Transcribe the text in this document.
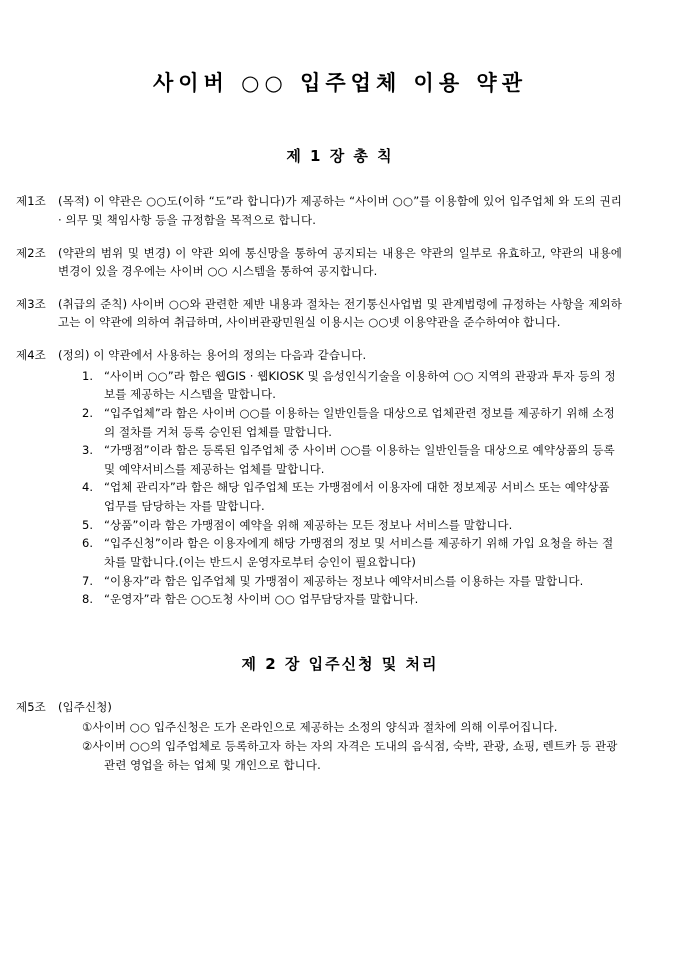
사이버 ○○ 입주업체 이용 약관
제 1 장 총 칙
제1조	(목적) 이 약관은 ○○도(이하 “도”라 합니다)가 제공하는 “사이버 ○○”를 이용함에 있어 입주업체 와 도의 권리 · 의무 및 책임사항 등을 규정함을 목적으로 합니다.
제2조	(약관의 범위 및 변경) 이 약관 외에 통신망을 통하여 공지되는 내용은 약관의 일부로 유효하고, 약관의 내용에 변경이 있을 경우에는 사이버 ○○ 시스템을 통하여 공지합니다.
제3조	(취급의 준칙) 사이버 ○○와 관련한 제반 내용과 절차는 전기통신사업법 및 관계법령에 규정하는 사항을 제외하고는 이 약관에 의하여 취급하며, 사이버관광민원실 이용시는 ○○넷 이용약관을 준수하여야 합니다.
제4조	(정의) 이 약관에서 사용하는 용어의 정의는 다음과 같습니다.
1. “사이버 ○○”라 함은 웹GIS · 웹KIOSK 및 음성인식기술을 이용하여 ○○ 지역의 관광과 투자 등의 정보를 제공하는 시스템을 말합니다.
2. “입주업체”라 함은 사이버 ○○를 이용하는 일반인들을 대상으로 업체관련 정보를 제공하기 위해 소정의 절차를 거쳐 등록 승인된 업체를 말합니다.
3. “가맹점”이라 함은 등록된 입주업체 중 사이버 ○○를 이용하는 일반인들을 대상으로 예약상품의 등록 및 예약서비스를 제공하는 업체를 말합니다.
4. “업체 관리자”라 함은 해당 입주업체 또는 가맹점에서 이용자에 대한 정보제공 서비스 또는 예약상품 업무를 담당하는 자를 말합니다.
5. “상품”이라 함은 가맹점이 예약을 위해 제공하는 모든 정보나 서비스를 말합니다.
6. “입주신청”이라 함은 이용자에게 해당 가맹점의 정보 및 서비스를 제공하기 위해 가입 요청을 하는 절차를 말합니다.(이는 반드시 운영자로부터 승인이 필요합니다)
7. “이용자”라 함은 입주업체 및 가맹점이 제공하는 정보나 예약서비스를 이용하는 자를 말합니다.
8. “운영자”라 함은 ○○도청 사이버 ○○ 업무담당자를 말합니다.
제 2 장 입주신청 및 처리
제5조	(입주신청)
①사이버 ○○ 입주신청은 도가 온라인으로 제공하는 소정의 양식과 절차에 의해 이루어집니다.
②사이버 ○○의 입주업체로 등록하고자 하는 자의 자격은 도내의 음식점, 숙박, 관광, 쇼핑, 렌트카 등 관광 관련 영업을 하는 업체 및 개인으로 합니다.
